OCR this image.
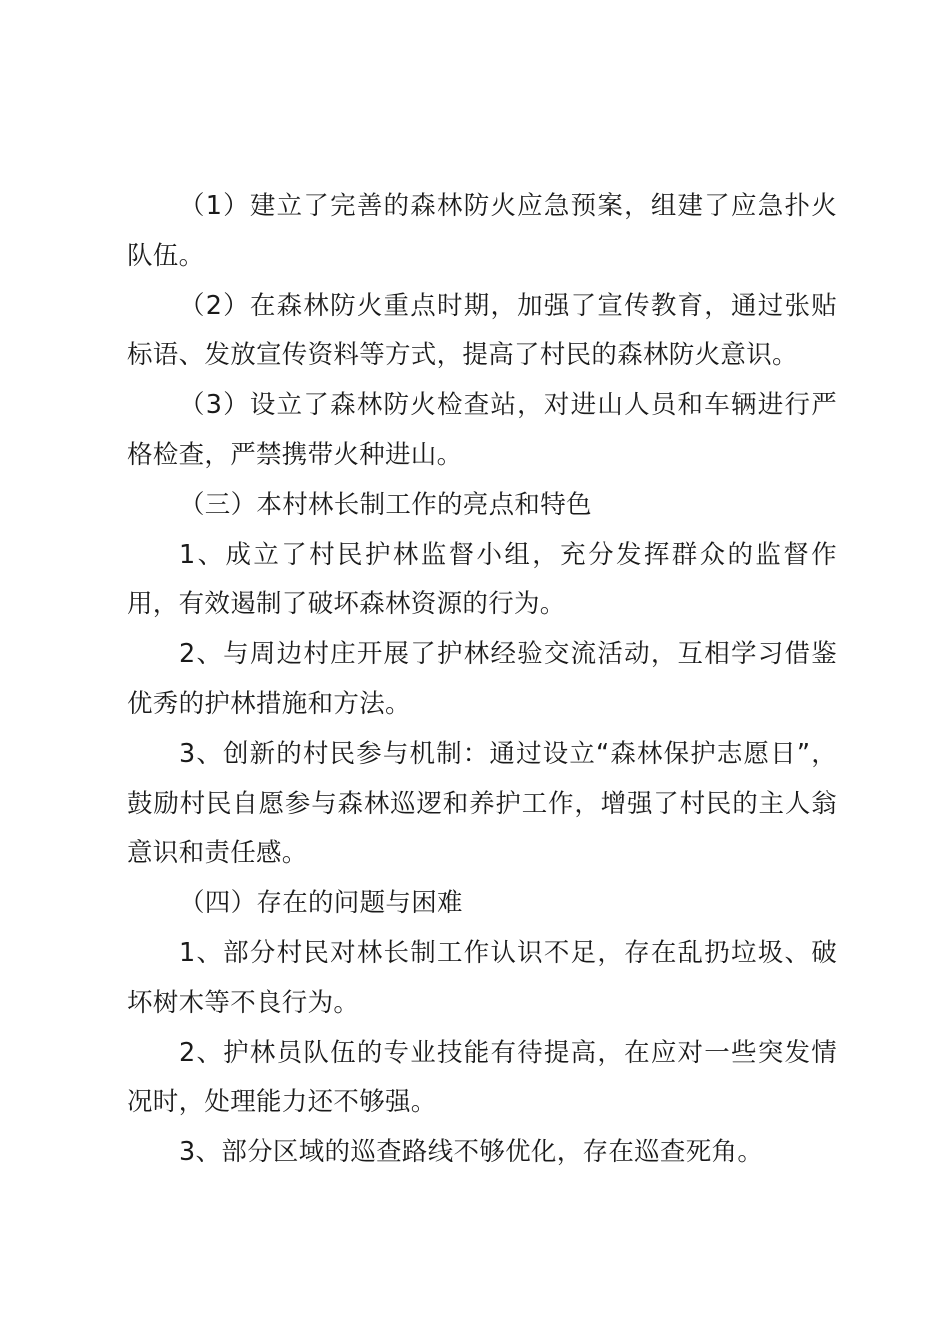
（1）建立了完善的森林防火应急预案，组建了应急扑火队伍。

（2）在森林防火重点时期，加强了宣传教育，通过张贴标语、发放宣传资料等方式，提高了村民的森林防火意识。

（3）设立了森林防火检查站，对进山人员和车辆进行严格检查，严禁携带火种进山。

（三）本村林长制工作的亮点和特色

1、成立了村民护林监督小组，充分发挥群众的监督作用，有效遏制了破坏森林资源的行为。

2、与周边村庄开展了护林经验交流活动，互相学习借鉴优秀的护林措施和方法。

3、创新的村民参与机制：通过设立“森林保护志愿日”，鼓励村民自愿参与森林巡逻和养护工作，增强了村民的主人翁意识和责任感。

（四）存在的问题与困难

1、部分村民对林长制工作认识不足，存在乱扔垃圾、破坏树木等不良行为。

2、护林员队伍的专业技能有待提高，在应对一些突发情况时，处理能力还不够强。

3、部分区域的巡查路线不够优化，存在巡查死角。
